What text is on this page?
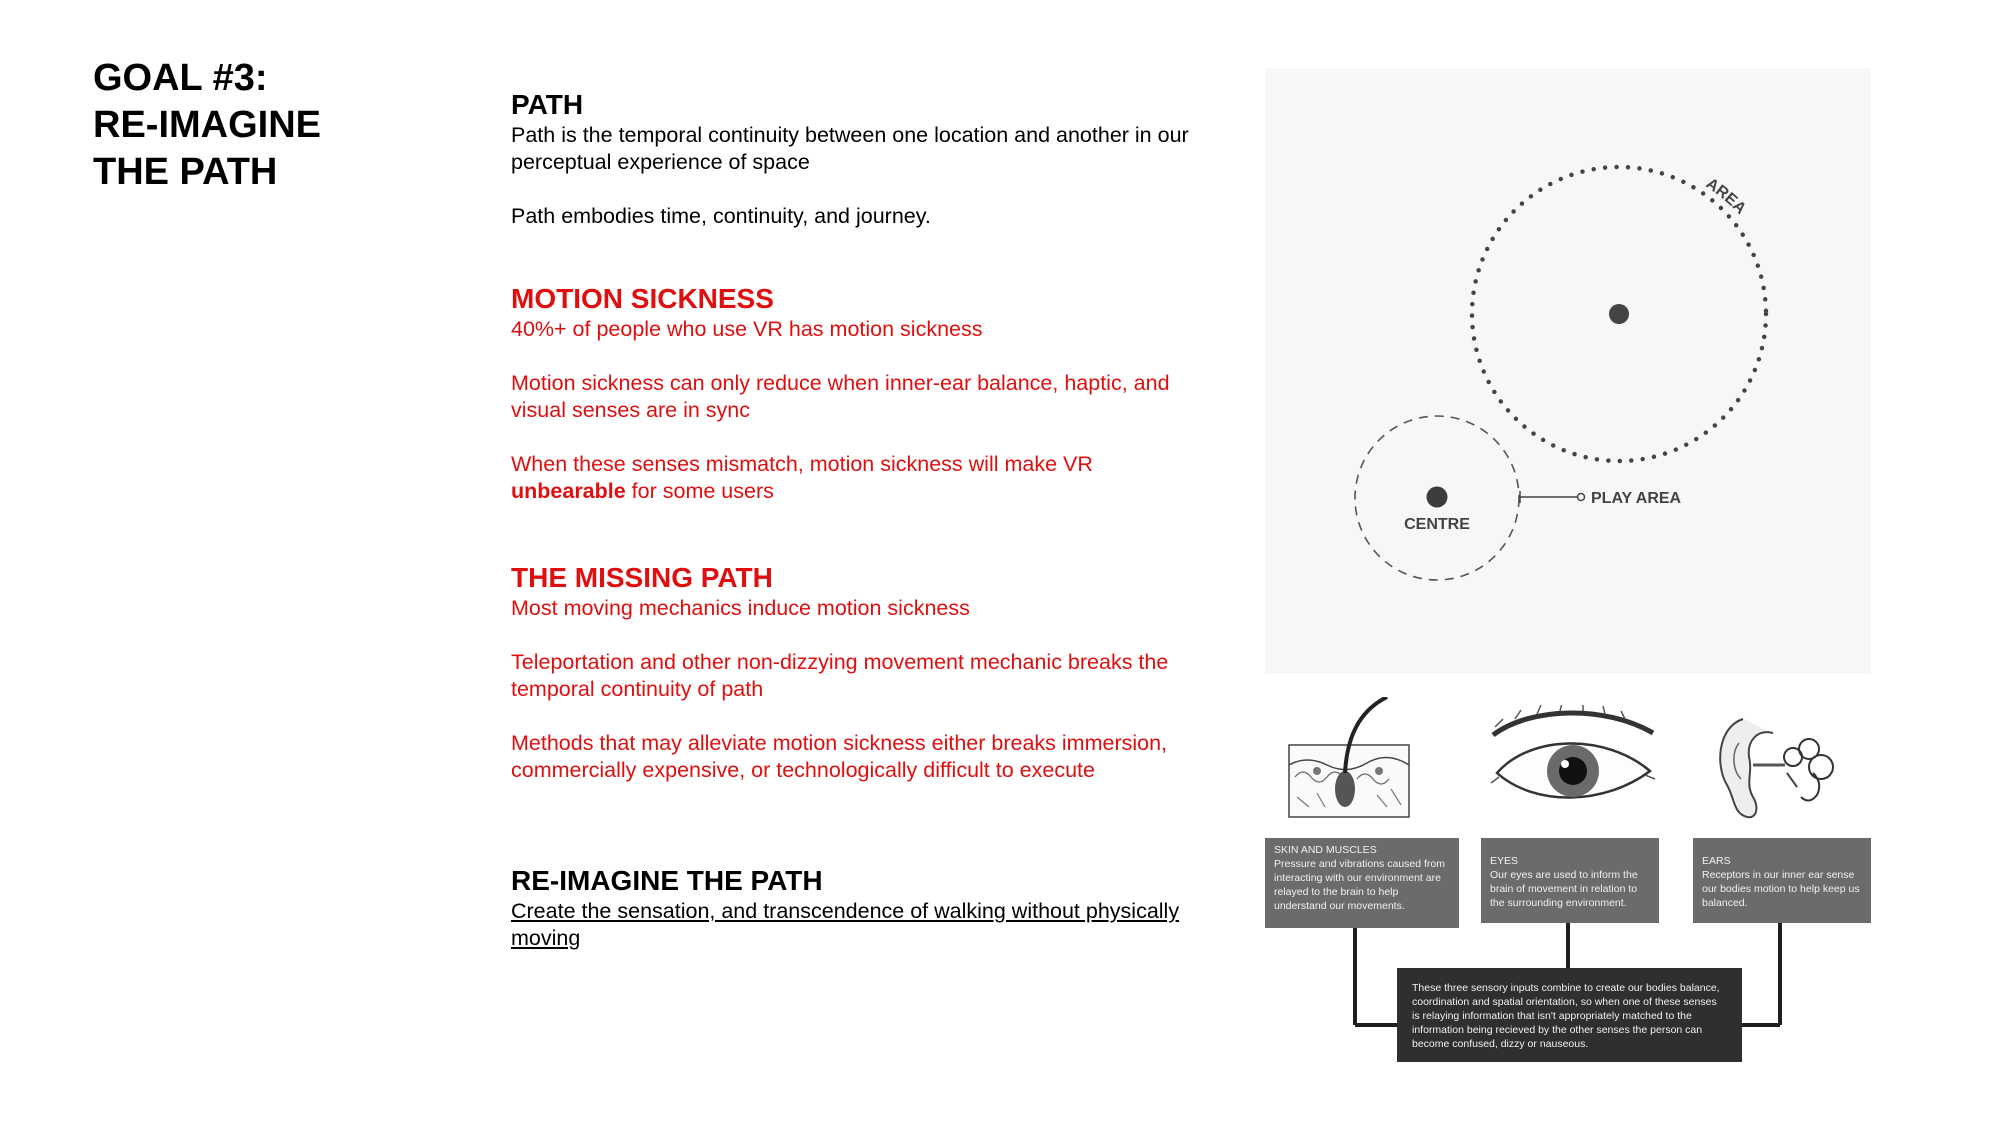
GOAL #3:
RE-IMAGINE
THE PATH
PATH
Path is the temporal continuity between one location and another in our perceptual experience of space
Path embodies time, continuity, and journey.
MOTION SICKNESS
40%+ of people who use VR has motion sickness
Motion sickness can only reduce when inner-ear balance, haptic, and visual senses are in sync
When these senses mismatch, motion sickness will make VR unbearable for some users
THE MISSING PATH
Most moving mechanics induce motion sickness
Teleportation and other non-dizzying movement mechanic breaks the temporal continuity of path
Methods that may alleviate motion sickness either breaks immersion, commercially expensive, or technologically difficult to execute
RE-IMAGINE THE PATH
Create the sensation, and transcendence of walking without physically moving
AREA
CENTRE
PLAY AREA
SKIN AND MUSCLES
Pressure and vibrations caused from interacting with our environment are relayed to the brain to help understand our movements.
EYES
Our eyes are used to inform the brain of movement in relation to the surrounding environment.
EARS
Receptors in our inner ear sense our bodies motion to help keep us balanced.
These three sensory inputs combine to create our bodies balance, coordination and spatial orientation, so when one of these senses is relaying information that isn't appropriately matched to the information being recieved by the other senses the person can become confused, dizzy or nauseous.
